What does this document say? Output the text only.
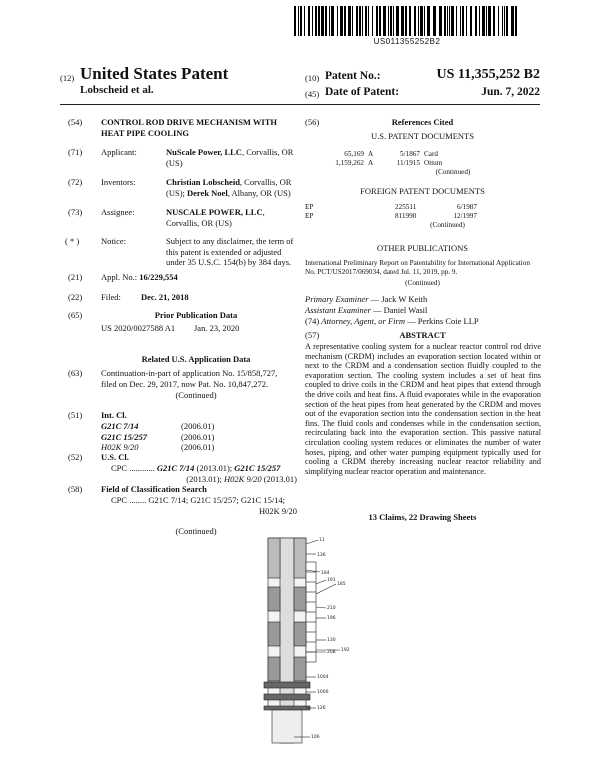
US011355252B2
(12) United States Patent
Lobscheid et al.
(10) Patent No.:	US 11,355,252 B2
(45) Date of Patent:	Jun. 7, 2022
(54) CONTROL ROD DRIVE MECHANISM WITH HEAT PIPE COOLING
(71) Applicant:	NuScale Power, LLC, Corvallis, OR (US)
(72) Inventors:	Christian Lobscheid, Corvallis, OR (US); Derek Noel, Albany, OR (US)
(73) Assignee:	NUSCALE POWER, LLC, Corvallis, OR (US)
( * )	Notice:	Subject to any disclaimer, the term of this patent is extended or adjusted under 35 U.S.C. 154(b) by 384 days.
(21) Appl. No.: 16/229,554
(22) Filed: Dec. 21, 2018
(65)	Prior Publication Data
US 2020/0027588 A1 Jan. 23, 2020
Related U.S. Application Data
(63) Continuation-in-part of application No. 15/858,727, filed on Dec. 29, 2017, now Pat. No. 10,847,272.
(Continued)
(51) Int. Cl.
G21C 7/14	(2006.01)
G21C 15/257	(2006.01)
H02K 9/20	(2006.01)
(52) U.S. Cl.
CPC ............ G21C 7/14 (2013.01); G21C 15/257
(2013.01); H02K 9/20 (2013.01)
(58) Field of Classification Search
CPC ........ G21C 7/14; G21C 15/257; G21C 15/14;
H02K 9/20
(Continued)
(56)	References Cited
U.S. PATENT DOCUMENTS
65,169 A	5/1867 Card
1,159,262 A	11/1915 Ottum
(Continued)
FOREIGN PATENT DOCUMENTS
EP	225511	6/1987
EP	811990	12/1997
(Continued)
OTHER PUBLICATIONS
International Preliminary Report on Patentability for International Application No. PCT/US2017/069034, dated Jul. 11, 2019, pp. 9.
(Continued)
Primary Examiner — Jack W Keith
Assistant Examiner — Daniel Wasil
(74) Attorney, Agent, or Firm — Perkins Coie LLP
(57)	ABSTRACT
A representative cooling system for a nuclear reactor control rod drive mechanism (CRDM) includes an evaporation section located within or next to the CRDM and a condensation section fluidly coupled to the evaporation section. The cooling system includes a set of heat fins coupled to drive coils in the CRDM and heat pipes that extend through the drive coils and heat fins. A fluid evaporates while in the evaporation section of the heat pipes from heat generated by the CRDM and moves out of the evaporation section into the condensation section in the heat fins. The fluid cools and condenses while in the condensation section, recirculating back into the evaporation section. This passive natural circulation cooling system reduces or eliminates the number of water hoses, piping, and other water pumping equipment typically used for cooling a CRDM thereby increasing nuclear reactor reliability and simplifying nuclear reactor operation and maintenance.
13 Claims, 22 Drawing Sheets
11
136
184
191
185
210
196
130
208 192
1004
1000
126
106
